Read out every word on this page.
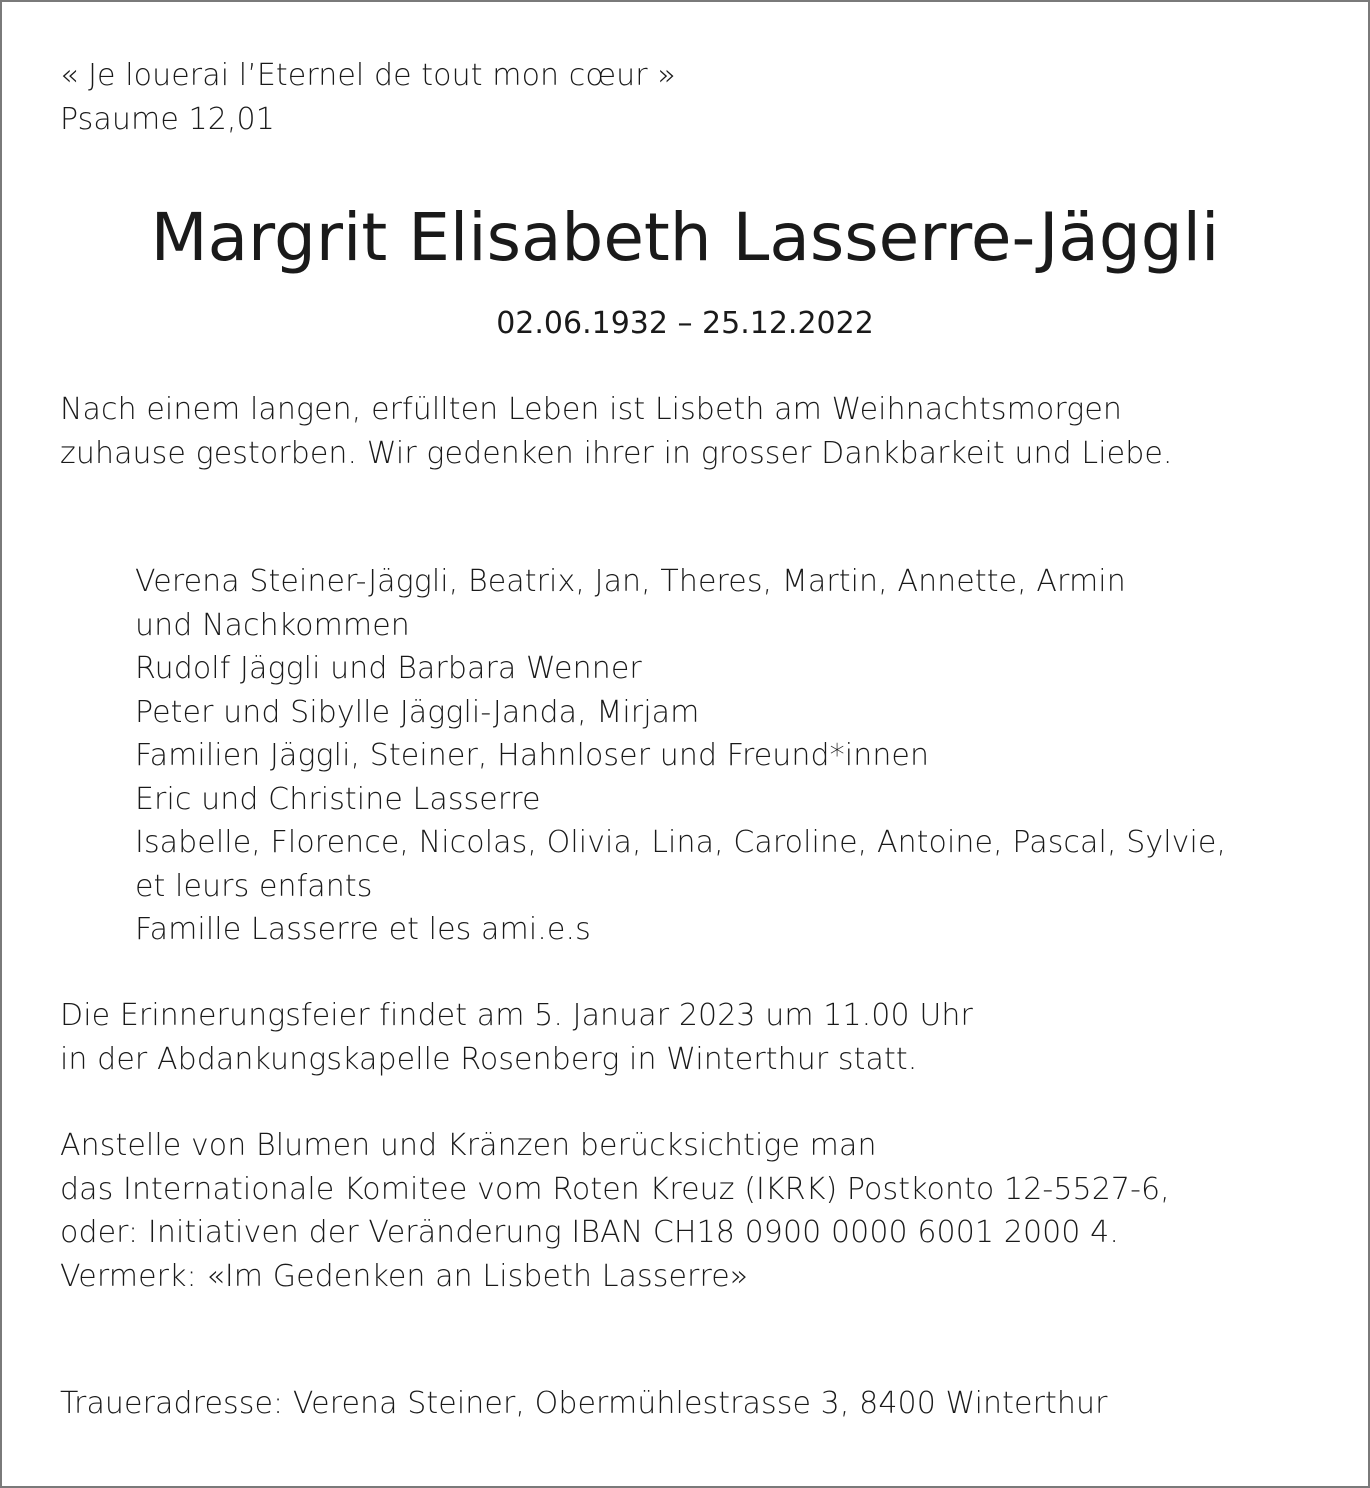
« Je louerai l’Eternel de tout mon cœur »
Psaume 12,01
Margrit Elisabeth Lasserre-Jäggli

02.06.1932 – 25.12.2022

Nach einem langen, erfüllten Leben ist Lisbeth am Weihnachtsmorgen
zuhause gestorben. Wir gedenken ihrer in grosser Dankbarkeit und Liebe.
Verena Steiner-Jäggli, Beatrix, Jan, Theres, Martin, Annette, Armin
und Nachkommen
Rudolf Jäggli und Barbara Wenner
Peter und Sibylle Jäggli-Janda, Mirjam
Familien Jäggli, Steiner, Hahnloser und Freund*innen
Eric und Christine Lasserre
Isabelle, Florence, Nicolas, Olivia, Lina, Caroline, Antoine, Pascal, Sylvie,
et leurs enfants
Famille Lasserre et les ami.e.s
Die Erinnerungsfeier findet am 5. Januar 2023 um 11.00 Uhr
in der Abdankungskapelle Rosenberg in Winterthur statt.
Anstelle von Blumen und Kränzen berücksichtige man
das Internationale Komitee vom Roten Kreuz (IKRK) Postkonto 12-5527-6,
oder: Initiativen der Veränderung IBAN CH18 0900 0000 6001 2000 4.
Vermerk: «Im Gedenken an Lisbeth Lasserre»
Traueradresse: Verena Steiner, Obermühlestrasse 3, 8400 Winterthur
